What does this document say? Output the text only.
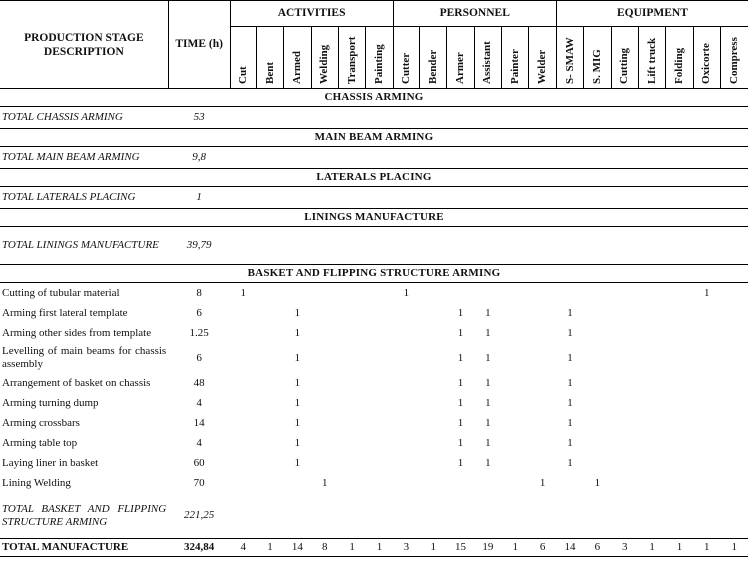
PRODUCTION STAGE DESCRIPTION	TIME (h)	ACTIVITIES						PERSONNEL						EQUIPMENT						
		Cut	Bent	Armed	Welding	Transport	Painting	Cutter	Bender	Armer	Assistant	Painter	Welder	S- SMAW	S. MIG	Cutting	Lift truck	Folding	Oxicorte	Compress
CHASSIS ARMING																				
TOTAL CHASSIS ARMING	53																			
MAIN BEAM ARMING																				
TOTAL MAIN BEAM ARMING	9,8																			
LATERALS PLACING																				
TOTAL LATERALS PLACING	1																			
LININGS MANUFACTURE																				
TOTAL LININGS MANUFACTURE	39,79																			
BASKET AND FLIPPING STRUCTURE ARMING																				
Cutting of tubular material	8	1						1											1	
Arming first lateral template	6			1						1	1			1						
Arming other sides from template	1.25			1						1	1			1						
Levelling of main beams for chassis assembly	6			1						1	1			1						
Arrangement of basket on chassis	48			1						1	1			1						
Arming turning dump	4			1						1	1			1						
Arming crossbars	14			1						1	1			1						
Arming table top	4			1						1	1			1						
Laying liner in basket	60			1						1	1			1						
Lining Welding	70				1								1		1					
TOTAL BASKET AND FLIPPING STRUCTURE ARMING	221,25																			
TOTAL MANUFACTURE	324,84	4	1	14	8	1	1	3	1	15	19	1	6	14	6	3	1	1	1	1
